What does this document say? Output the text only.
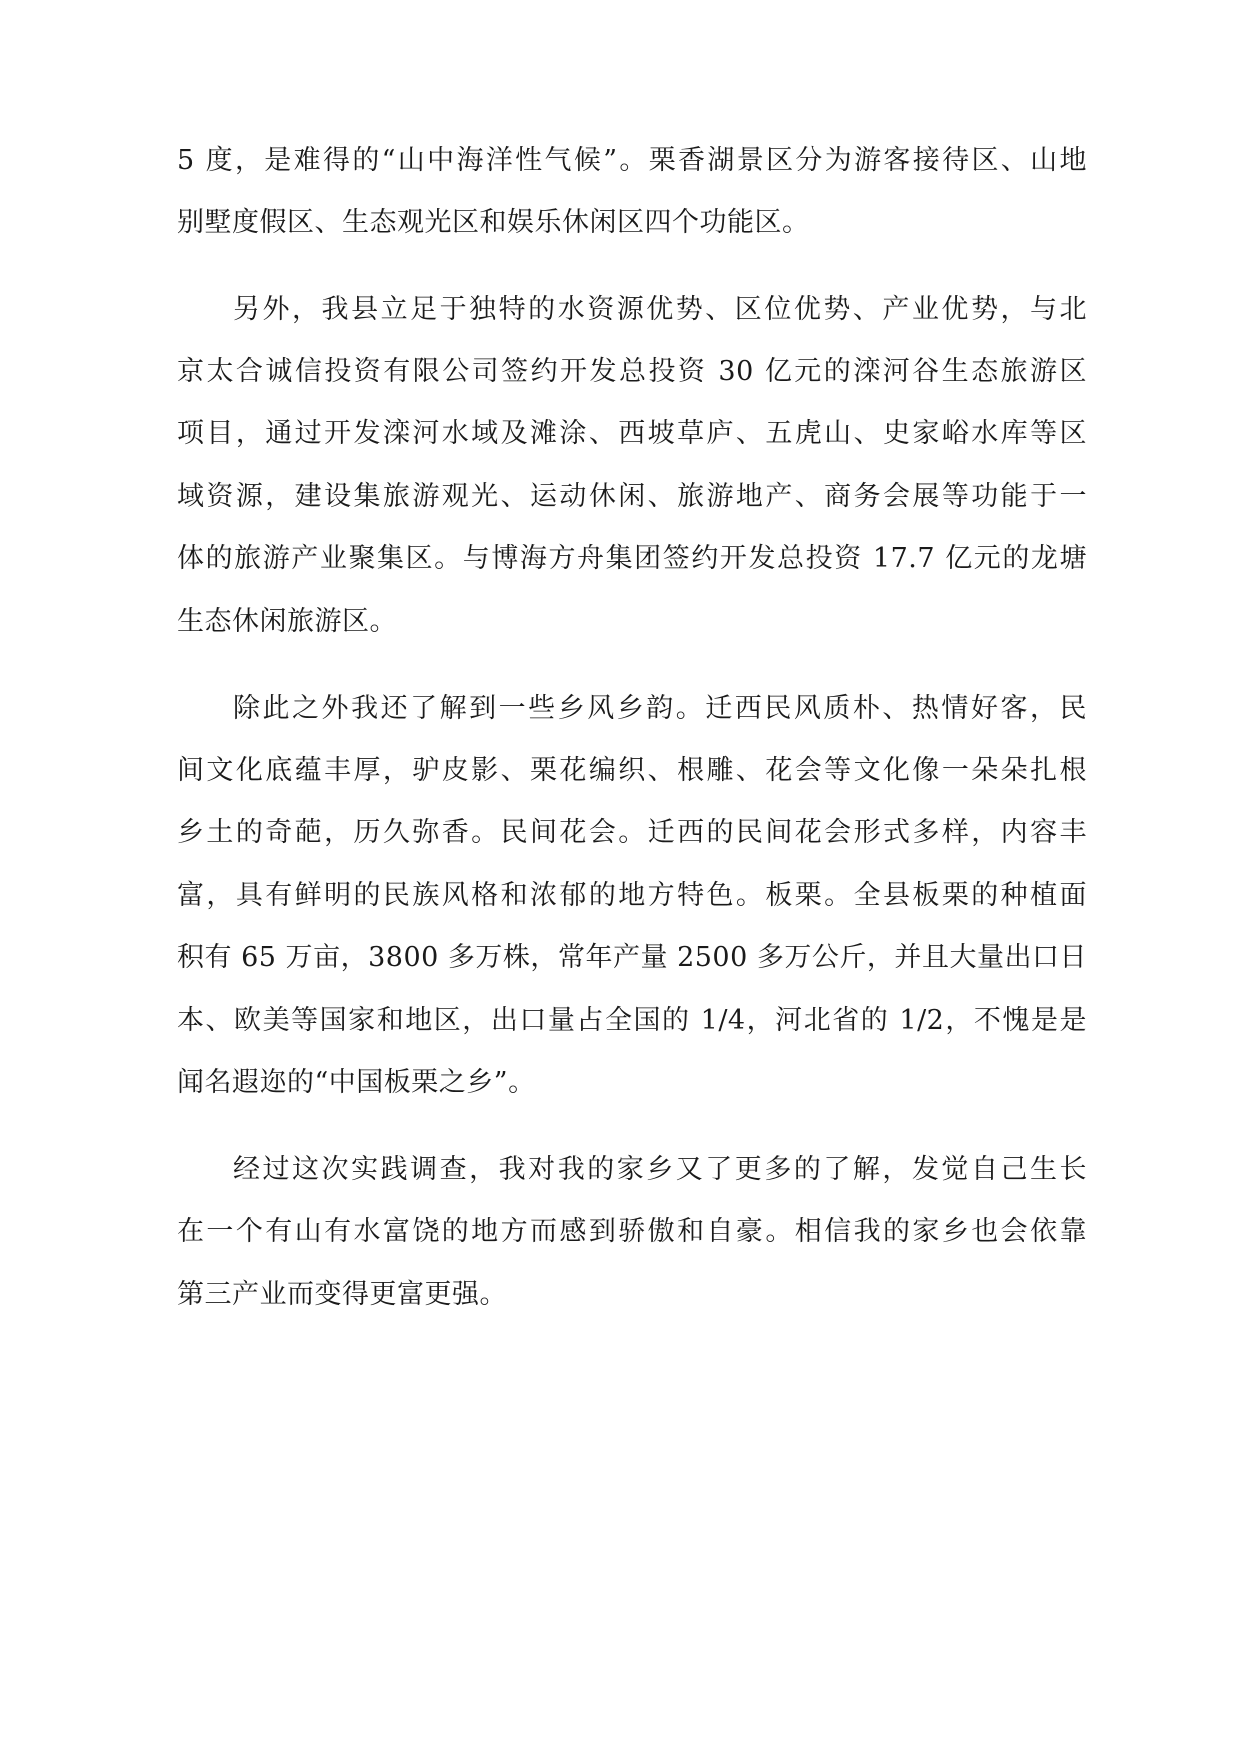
5 度，是难得的“山中海洋性气候”。栗香湖景区分为游客接待区、山地
别墅度假区、生态观光区和娱乐休闲区四个功能区。
另外，我县立足于独特的水资源优势、区位优势、产业优势，与北
京太合诚信投资有限公司签约开发总投资 30 亿元的滦河谷生态旅游区
项目，通过开发滦河水域及滩涂、西坡草庐、五虎山、史家峪水库等区
域资源，建设集旅游观光、运动休闲、旅游地产、商务会展等功能于一
体的旅游产业聚集区。与博海方舟集团签约开发总投资 17.7 亿元的龙塘
生态休闲旅游区。
除此之外我还了解到一些乡风乡韵。迁西民风质朴、热情好客，民
间文化底蕴丰厚，驴皮影、栗花编织、根雕、花会等文化像一朵朵扎根
乡土的奇葩，历久弥香。民间花会。迁西的民间花会形式多样，内容丰
富，具有鲜明的民族风格和浓郁的地方特色。板栗。全县板栗的种植面
积有 65 万亩，3800 多万株，常年产量 2500 多万公斤，并且大量出口日
本、欧美等国家和地区，出口量占全国的 1/4，河北省的 1/2，不愧是是
闻名遐迩的“中国板栗之乡”。
经过这次实践调查，我对我的家乡又了更多的了解，发觉自己生长
在一个有山有水富饶的地方而感到骄傲和自豪。相信我的家乡也会依靠
第三产业而变得更富更强。
